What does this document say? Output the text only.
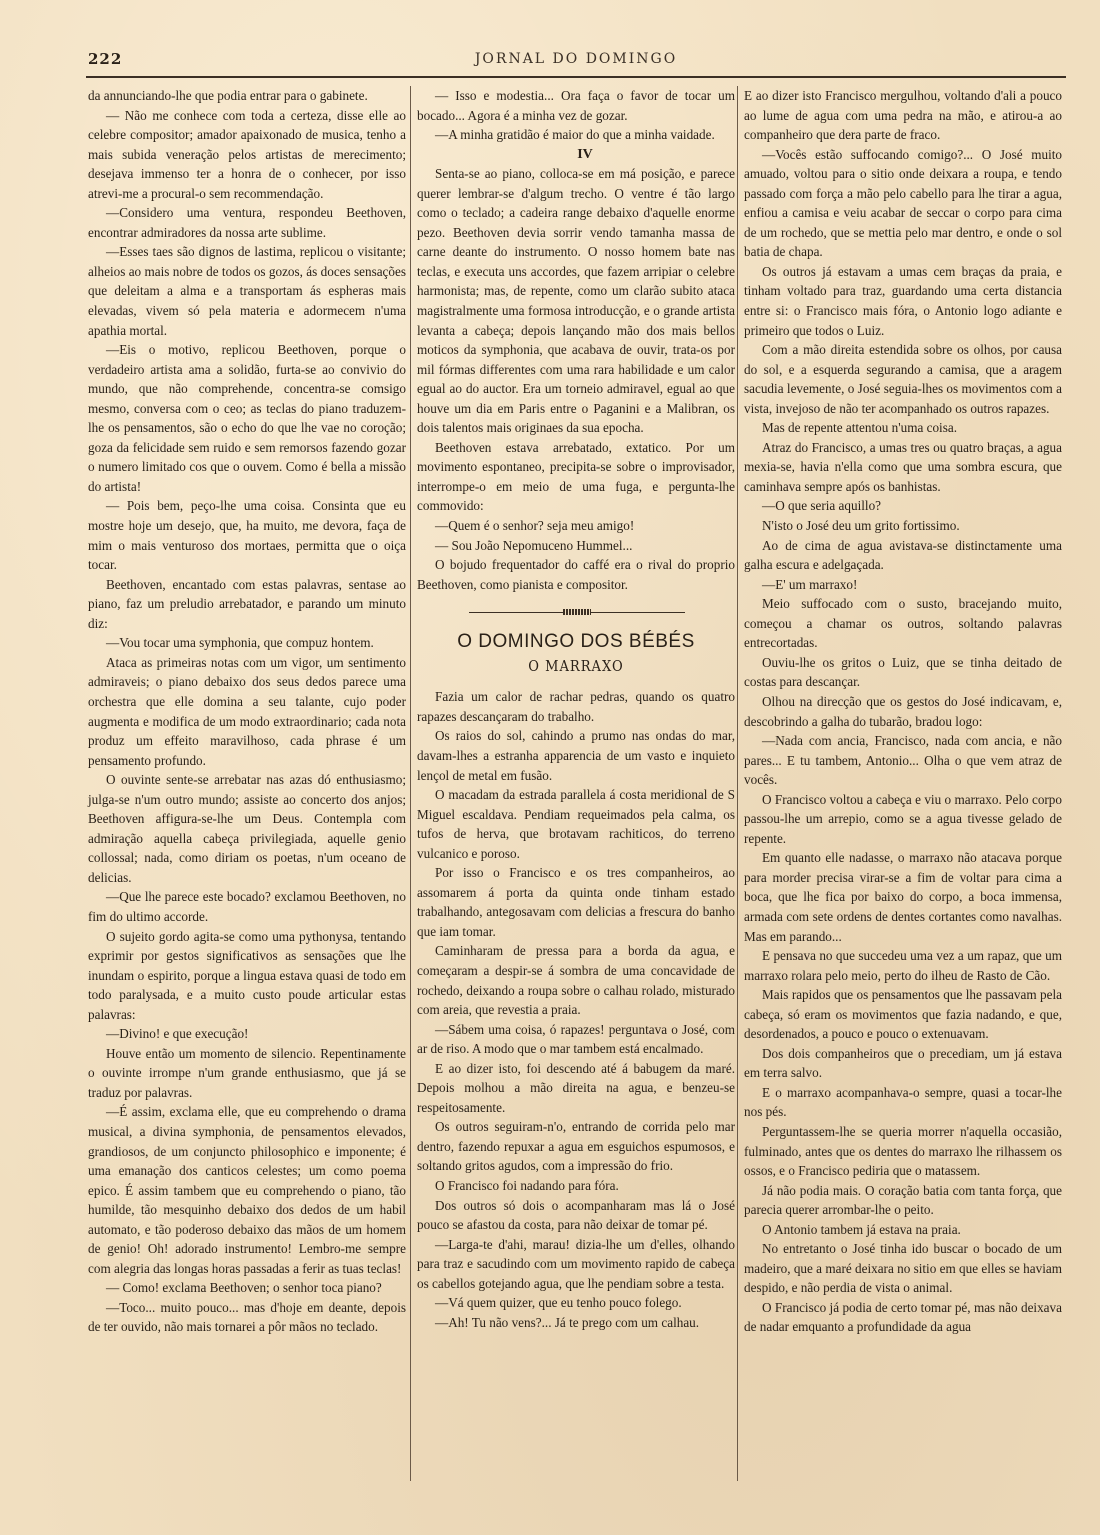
222	JORNAL DO DOMINGO

da annunciando-lhe que podia entrar para o gabinete.

— Não me conhece com toda a certeza, disse elle ao celebre compositor; amador apaixonado de musica, tenho a mais subida veneração pelos artistas de merecimento; desejava immenso ter a honra de o conhecer, por isso atrevi-me a procural-o sem recommendação.

—Considero uma ventura, respondeu Beethoven, encontrar admiradores da nossa arte sublime.

—Esses taes são dignos de lastima, replicou o visitante; alheios ao mais nobre de todos os gozos, ás doces sensações que deleitam a alma e a transportam ás espheras mais elevadas, vivem só pela materia e adormecem n'uma apathia mortal.

—Eis o motivo, replicou Beethoven, porque o verdadeiro artista ama a solidão, furta-se ao convivio do mundo, que não comprehende, concentra-se comsigo mesmo, conversa com o ceo; as teclas do piano traduzem-lhe os pensamentos, são o echo do que lhe vae no coroção; goza da felicidade sem ruido e sem remorsos fazendo gozar o numero limitado cos que o ouvem. Como é bella a missão do artista!

— Pois bem, peço-lhe uma coisa. Consinta que eu mostre hoje um desejo, que, ha muito, me devora, faça de mim o mais venturoso dos mortaes, permitta que o oiça tocar.

Beethoven, encantado com estas palavras, sentase ao piano, faz um preludio arrebatador, e parando um minuto diz:

—Vou tocar uma symphonia, que compuz hontem.

Ataca as primeiras notas com um vigor, um sentimento admiraveis; o piano debaixo dos seus dedos parece uma orchestra que elle domina a seu talante, cujo poder augmenta e modifica de um modo extraordinario; cada nota produz um effeito maravilhoso, cada phrase é um pensamento profundo.

O ouvinte sente-se arrebatar nas azas dó enthusiasmo; julga-se n'um outro mundo; assiste ao concerto dos anjos; Beethoven affigura-se-lhe um Deus. Contempla com admiração aquella cabeça privilegiada, aquelle genio collossal; nada, como diriam os poetas, n'um oceano de delicias.

—Que lhe parece este bocado? exclamou Beethoven, no fim do ultimo accorde.

O sujeito gordo agita-se como uma pythonysa, tentando exprimir por gestos significativos as sensações que lhe inundam o espirito, porque a lingua estava quasi de todo em todo paralysada, e a muito custo poude articular estas palavras:

—Divino! e que execução!

Houve então um momento de silencio. Repentinamente o ouvinte irrompe n'um grande enthusiasmo, que já se traduz por palavras.

—É assim, exclama elle, que eu comprehendo o drama musical, a divina symphonia, de pensamentos elevados, grandiosos, de um conjuncto philosophico e imponente; é uma emanação dos canticos celestes; um como poema epico. É assim tambem que eu comprehendo o piano, tão humilde, tão mesquinho debaixo dos dedos de um habil automato, e tão poderoso debaixo das mãos de um homem de genio! Oh! adorado instrumento! Lembro-me sempre com alegria das longas horas passadas a ferir as tuas teclas!

— Como! exclama Beethoven; o senhor toca piano?

—Toco... muito pouco... mas d'hoje em deante, depois de ter ouvido, não mais tornarei a pôr mãos no teclado.

— Isso e modestia... Ora faça o favor de tocar um bocado... Agora é a minha vez de gozar.

—A minha gratidão é maior do que a minha vaidade.

IV

Senta-se ao piano, colloca-se em má posição, e parece querer lembrar-se d'algum trecho. O ventre é tão largo como o teclado; a cadeira range debaixo d'aquelle enorme pezo. Beethoven devia sorrir vendo tamanha massa de carne deante do instrumento. O nosso homem bate nas teclas, e executa uns accordes, que fazem arripiar o celebre harmonista; mas, de repente, como um clarão subito ataca magistralmente uma formosa introducção, e o grande artista levanta a cabeça; depois lançando mão dos mais bellos moticos da symphonia, que acabava de ouvir, trata-os por mil fórmas differentes com uma rara habilidade e um calor egual ao do auctor. Era um torneio admiravel, egual ao que houve um dia em Paris entre o Paganini e a Malibran, os dois talentos mais originaes da sua epocha.

Beethoven estava arrebatado, extatico. Por um movimento espontaneo, precipita-se sobre o improvisador, interrompe-o em meio de uma fuga, e pergunta-lhe commovido:

—Quem é o senhor? seja meu amigo!

— Sou João Nepomuceno Hummel...

O bojudo frequentador do caffé era o rival do proprio Beethoven, como pianista e compositor.

O DOMINGO DOS BÉBÉS
O MARRAXO

Fazia um calor de rachar pedras, quando os quatro rapazes descançaram do trabalho.

Os raios do sol, cahindo a prumo nas ondas do mar, davam-lhes a estranha apparencia de um vasto e inquieto lençol de metal em fusão.

O macadam da estrada parallela á costa meridional de S Miguel escaldava. Pendiam requeimados pela calma, os tufos de herva, que brotavam rachiticos, do terreno vulcanico e poroso.

Por isso o Francisco e os tres companheiros, ao assomarem á porta da quinta onde tinham estado trabalhando, antegosavam com delicias a frescura do banho que iam tomar.

Caminharam de pressa para a borda da agua, e começaram a despir-se á sombra de uma concavidade de rochedo, deixando a roupa sobre o calhau rolado, misturado com areia, que revestia a praia.

—Sábem uma coisa, ó rapazes! perguntava o José, com ar de riso. A modo que o mar tambem está encalmado.

E ao dizer isto, foi descendo até á babugem da maré. Depois molhou a mão direita na agua, e benzeu-se respeitosamente.

Os outros seguiram-n'o, entrando de corrida pelo mar dentro, fazendo repuxar a agua em esguichos espumosos, e soltando gritos agudos, com a impressão do frio.

O Francisco foi nadando para fóra.

Dos outros só dois o acompanharam mas lá o José pouco se afastou da costa, para não deixar de tomar pé.

—Larga-te d'ahi, marau! dizia-lhe um d'elles, olhando para traz e sacudindo com um movimento rapido de cabeça os cabellos gotejando agua, que lhe pendiam sobre a testa.

—Vá quem quizer, que eu tenho pouco folego.

—Ah! Tu não vens?... Já te prego com um calhau.

E ao dizer isto Francisco mergulhou, voltando d'ali a pouco ao lume de agua com uma pedra na mão, e atirou-a ao companheiro que dera parte de fraco.

—Vocês estão suffocando comigo?... O José muito amuado, voltou para o sitio onde deixara a roupa, e tendo passado com força a mão pelo cabello para lhe tirar a agua, enfiou a camisa e veiu acabar de seccar o corpo para cima de um rochedo, que se mettia pelo mar dentro, e onde o sol batia de chapa.

Os outros já estavam a umas cem braças da praia, e tinham voltado para traz, guardando uma certa distancia entre si: o Francisco mais fóra, o Antonio logo adiante e primeiro que todos o Luiz.

Com a mão direita estendida sobre os olhos, por causa do sol, e a esquerda segurando a camisa, que a aragem sacudia levemente, o José seguia-lhes os movimentos com a vista, invejoso de não ter acompanhado os outros rapazes.

Mas de repente attentou n'uma coisa.

Atraz do Francisco, a umas tres ou quatro braças, a agua mexia-se, havia n'ella como que uma sombra escura, que caminhava sempre após os banhistas.

—O que seria aquillo?

N'isto o José deu um grito fortissimo.

Ao de cima de agua avistava-se distinctamente uma galha escura e adelgaçada.

—E' um marraxo!

Meio suffocado com o susto, bracejando muito, começou a chamar os outros, soltando palavras entrecortadas.

Ouviu-lhe os gritos o Luiz, que se tinha deitado de costas para descançar.

Olhou na direcção que os gestos do José indicavam, e, descobrindo a galha do tubarão, bradou logo:

—Nada com ancia, Francisco, nada com ancia, e não pares... E tu tambem, Antonio... Olha o que vem atraz de vocês.

O Francisco voltou a cabeça e viu o marraxo. Pelo corpo passou-lhe um arrepio, como se a agua tivesse gelado de repente.

Em quanto elle nadasse, o marraxo não atacava porque para morder precisa virar-se a fim de voltar para cima a boca, que lhe fica por baixo do corpo, a boca immensa, armada com sete ordens de dentes cortantes como navalhas. Mas em parando...

E pensava no que succedeu uma vez a um rapaz, que um marraxo rolara pelo meio, perto do ilheu de Rasto de Cão.

Mais rapidos que os pensamentos que lhe passavam pela cabeça, só eram os movimentos que fazia nadando, e que, desordenados, a pouco e pouco o extenuavam.

Dos dois companheiros que o precediam, um já estava em terra salvo.

E o marraxo acompanhava-o sempre, quasi a tocar-lhe nos pés.

Perguntassem-lhe se queria morrer n'aquella occasião, fulminado, antes que os dentes do marraxo lhe rilhassem os ossos, e o Francisco pediria que o matassem.

Já não podia mais. O coração batia com tanta força, que parecia querer arrombar-lhe o peito.

O Antonio tambem já estava na praia.

No entretanto o José tinha ido buscar o bocado de um madeiro, que a maré deixara no sitio em que elles se haviam despido, e não perdia de vista o animal.

O Francisco já podia de certo tomar pé, mas não deixava de nadar emquanto a profundidade da agua
